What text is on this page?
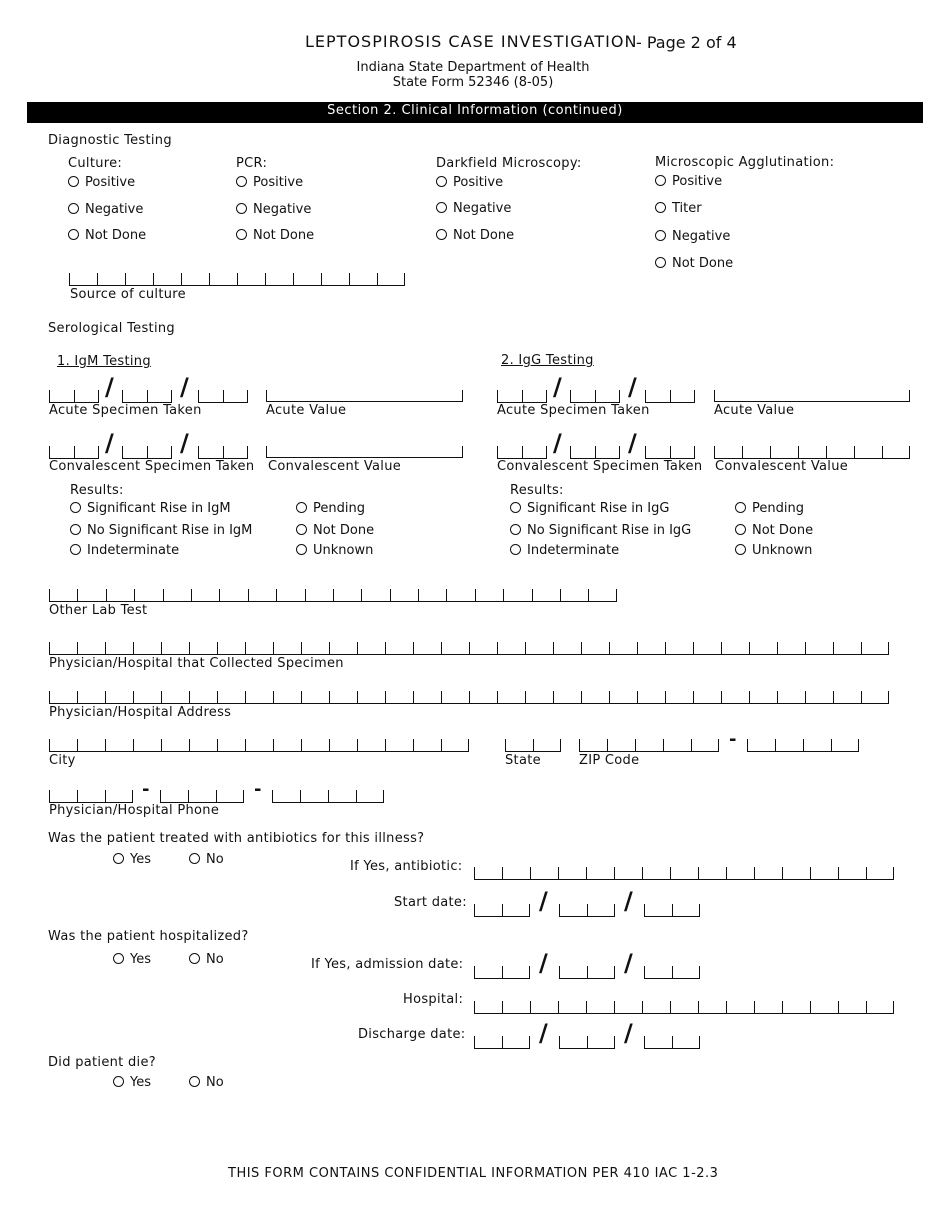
LEPTOSPIROSIS CASE INVESTIGATION
- Page 2 of 4
Indiana State Department of Health
State Form 52346 (8-05)
Section 2. Clinical Information (continued)
Diagnostic Testing
Culture:
Positive
Negative
Not Done
PCR:
Positive
Negative
Not Done
Darkfield Microscopy:
Positive
Negative
Not Done
Microscopic Agglutination:
Positive
Titer
Negative
Not Done
Source of culture
Serological Testing
1. IgM Testing
/	/
Acute Specimen Taken	Acute Value
/	/
Convalescent Specimen Taken Convalescent Value
Results:
Significant Rise in IgM
No Significant Rise in IgM
Indeterminate
Pending
Not Done
Unknown
2. IgG Testing
/	/
Acute Specimen Taken	Acute Value
/	/
Convalescent Specimen Taken Convalescent Value
Results:
Significant Rise in IgG
No Significant Rise in IgG
Indeterminate
Pending
Not Done
Unknown
Other Lab Test
Physician/Hospital that Collected Specimen
Physician/Hospital Address
City	State
-
ZIP Code
-	-
Physician/Hospital Phone
Was the patient treated with antibiotics for this illness?
Yes	No	If Yes, antibiotic:
Start date:	/	/
Was the patient hospitalized?
Yes	No	If Yes, admission date:	/	/
Hospital:
Discharge date:	/	/
Did patient die?
Yes	No
THIS FORM CONTAINS CONFIDENTIAL INFORMATION PER 410 IAC 1-2.3
